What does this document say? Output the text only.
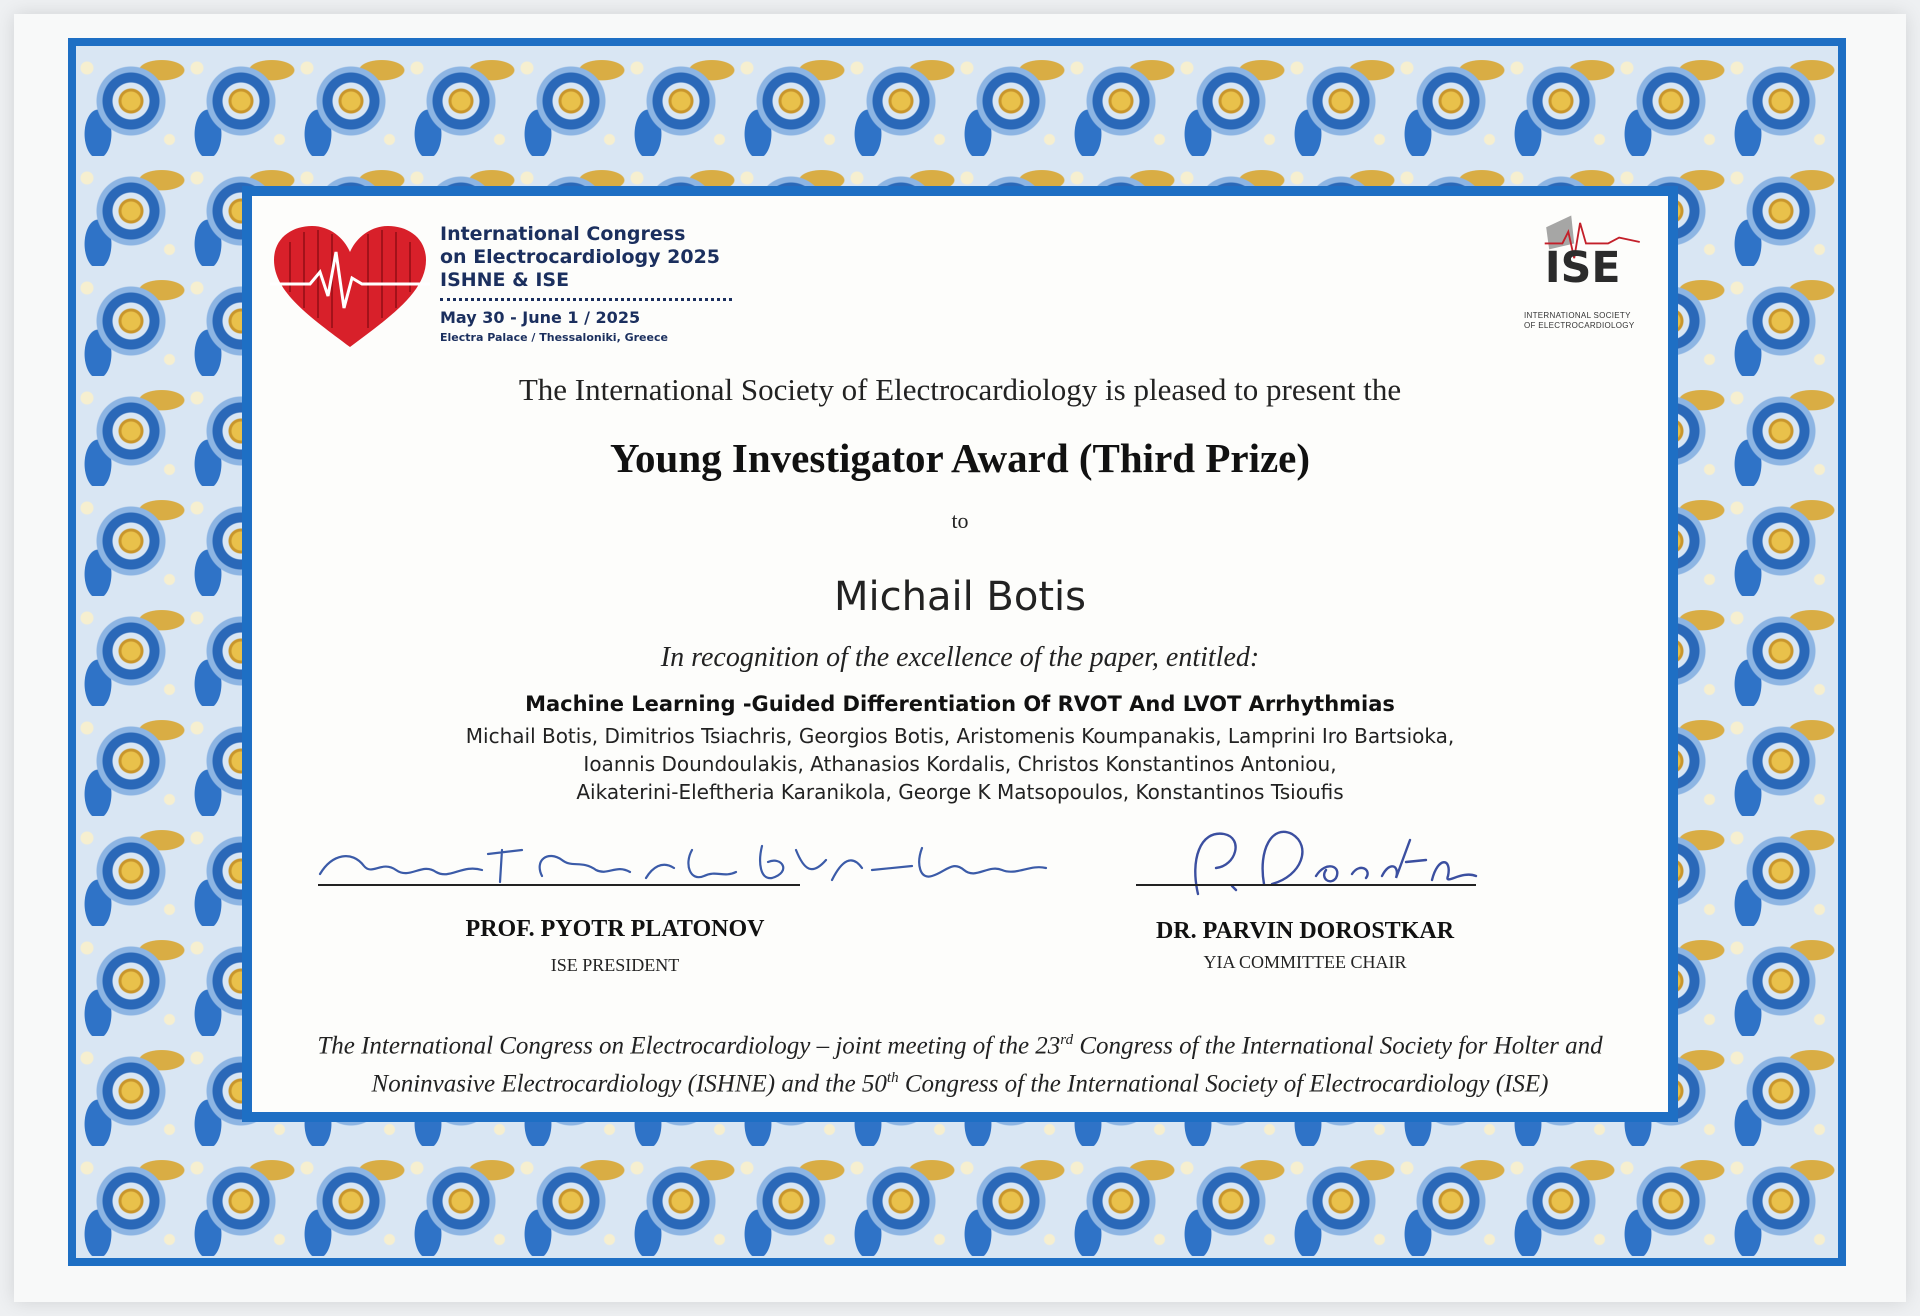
International Congress
on Electrocardiology 2025
ISHNE & ISE
May 30 - June 1 / 2025
Electra Palace / Thessaloniki, Greece
ISE
INTERNATIONAL SOCIETY
OF ELECTROCARDIOLOGY
The International Society of Electrocardiology is pleased to present the
Young Investigator Award (Third Prize)
to
Michail Botis
In recognition of the excellence of the paper, entitled:
Machine Learning -Guided Differentiation Of RVOT And LVOT Arrhythmias
Michail Botis, Dimitrios Tsiachris, Georgios Botis, Aristomenis Koumpanakis, Lamprini Iro Bartsioka,
Ioannis Doundoulakis, Athanasios Kordalis, Christos Konstantinos Antoniou,
Aikaterini-Eleftheria Karanikola, George K Matsopoulos, Konstantinos Tsioufis
PROF. PYOTR PLATONOV
ISE PRESIDENT
DR. PARVIN DOROSTKAR
YIA COMMITTEE CHAIR
The International Congress on Electrocardiology – joint meeting of the 23rd Congress of the International Society for Holter and
Noninvasive Electrocardiology (ISHNE) and the 50th Congress of the International Society of Electrocardiology (ISE)
